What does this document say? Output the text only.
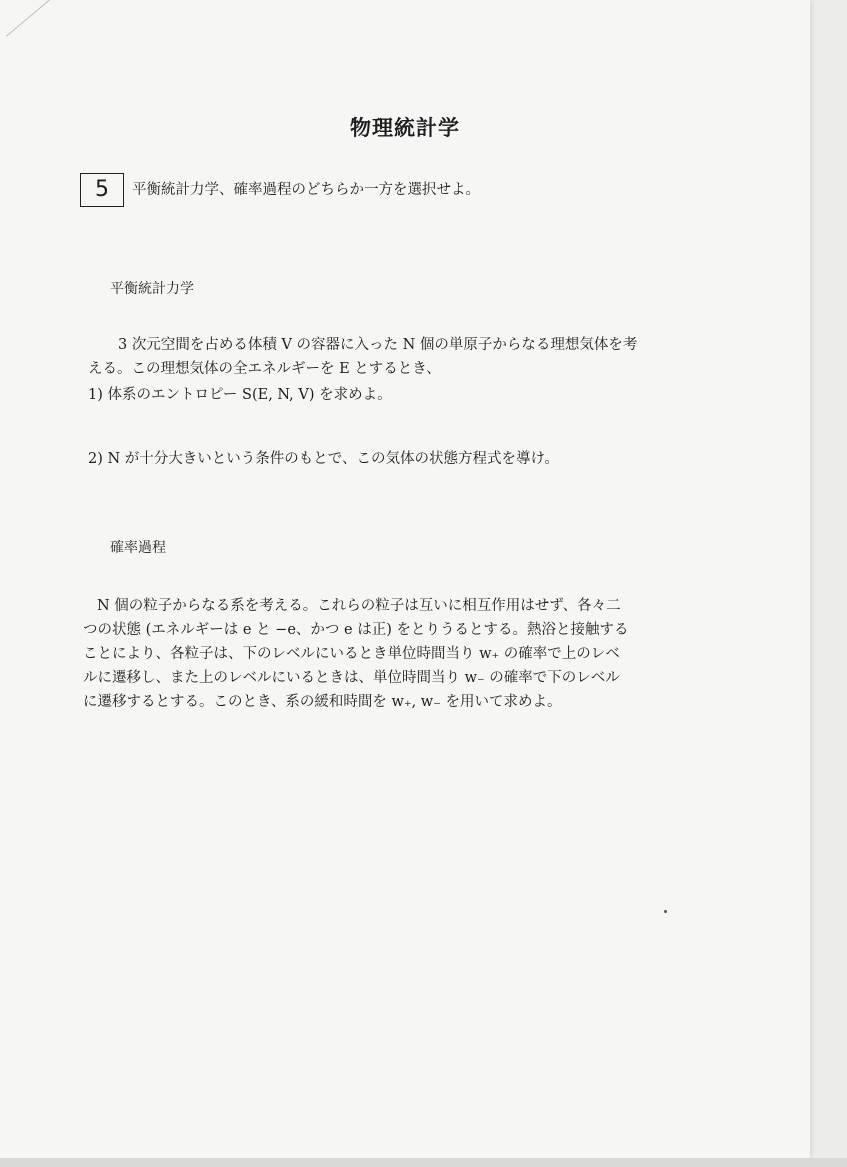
物理統計学
5	平衡統計力学、確率過程のどちらか一方を選択せよ。
平衡統計力学
3 次元空間を占める体積 V の容器に入った N 個の単原子からなる理想気体を考
える。この理想気体の全エネルギーを E とするとき、
1) 体系のエントロピー S(E, N, V) を求めよ。
2) N が十分大きいという条件のもとで、この気体の状態方程式を導け。
確率過程
N 個の粒子からなる系を考える。これらの粒子は互いに相互作用はせず、各々二
つの状態 (エネルギーは e と −e、かつ e は正) をとりうるとする。熱浴と接触する
ことにより、各粒子は、下のレベルにいるとき単位時間当り w₊ の確率で上のレベ
ルに遷移し、また上のレベルにいるときは、単位時間当り w₋ の確率で下のレベル
に遷移するとする。このとき、系の緩和時間を w₊, w₋ を用いて求めよ。
